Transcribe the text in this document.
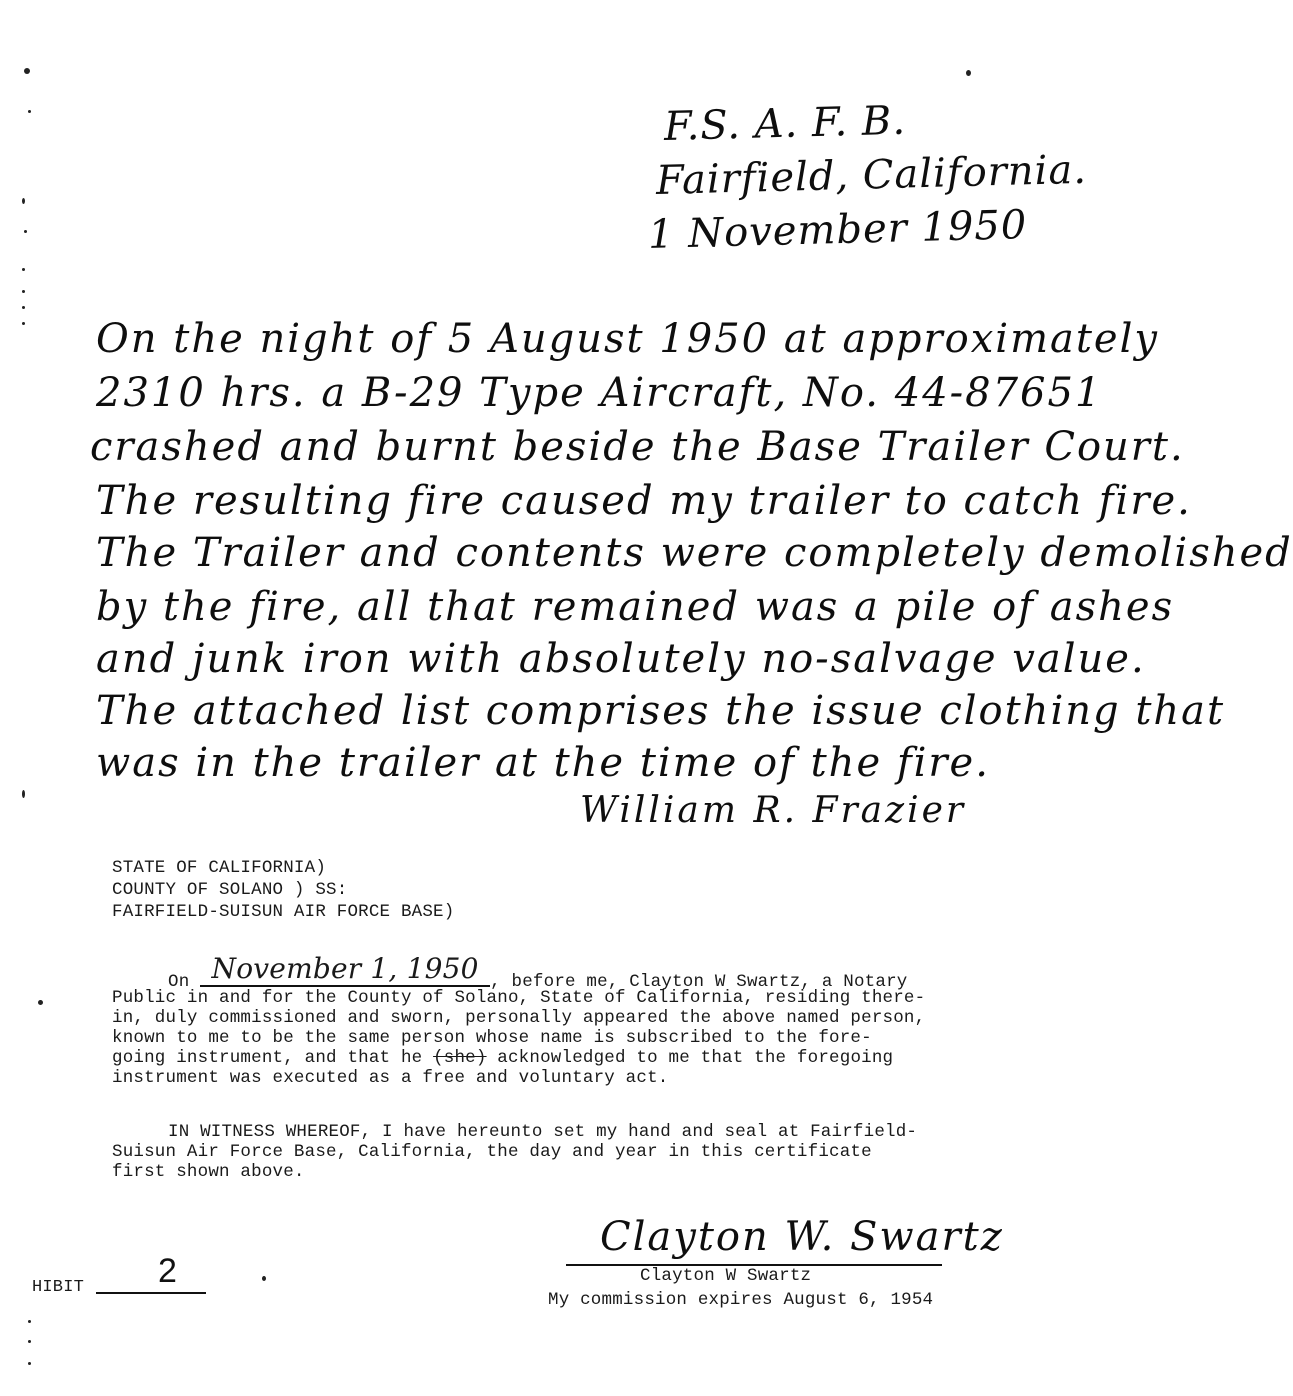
F.S. A. F. B.
Fairfield, California.
1 November 1950
On the night of 5 August 1950 at approximately
2310 hrs. a B-29 Type Aircraft, No. 44-87651
crashed and burnt beside the Base Trailer Court.
The resulting fire caused my trailer to catch fire.
The Trailer and contents were completely demolished
by the fire, all that remained was a pile of ashes
and junk iron with absolutely no-salvage value.
The attached list comprises the issue clothing that
was in the trailer at the time of the fire.
William R. Frazier
STATE OF CALIFORNIA)
COUNTY OF SOLANO ) SS:
FAIRFIELD-SUISUN AIR FORCE BASE)
On November 1, 1950 , before me, Clayton W Swartz, a Notary
Public in and for the County of Solano, State of California, residing there-
in, duly commissioned and sworn, personally appeared the above named person,
known to me to be the same person whose name is subscribed to the fore-
going instrument, and that he (she) acknowledged to me that the foregoing
instrument was executed as a free and voluntary act.
IN WITNESS WHEREOF, I have hereunto set my hand and seal at Fairfield-
Suisun Air Force Base, California, the day and year in this certificate
first shown above.
Clayton W. Swartz
Clayton W Swartz
My commission expires August 6, 1954
HIBIT 2
